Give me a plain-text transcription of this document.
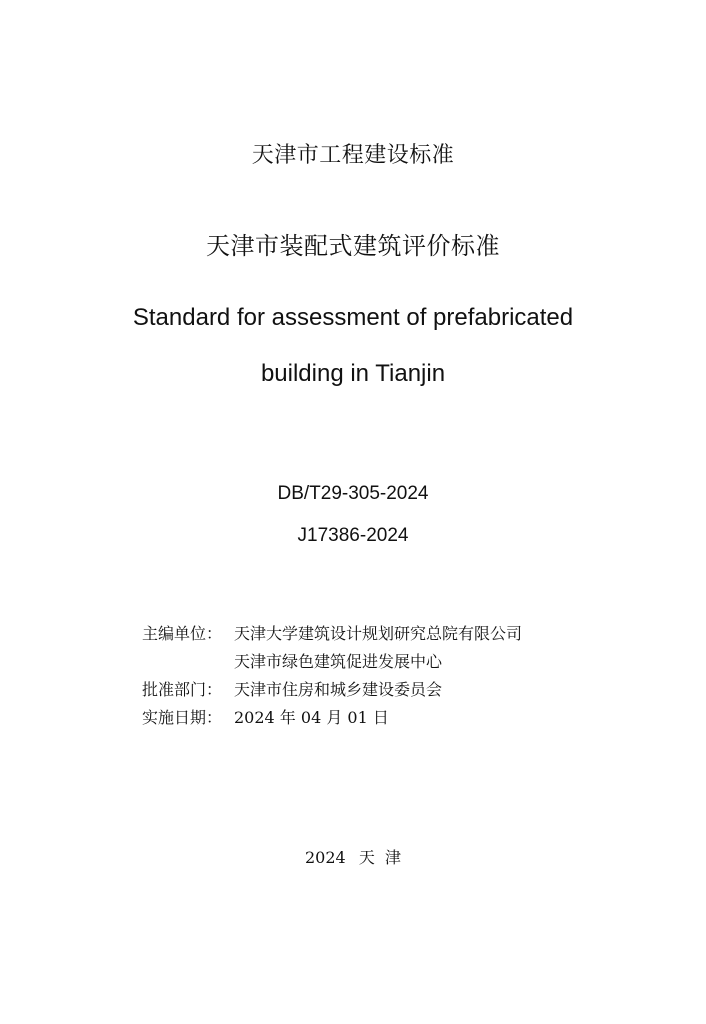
天津市工程建设标准
天津市装配式建筑评价标准
Standard for assessment of prefabricated
building in Tianjin
DB/T29-305-2024
J17386-2024
主编单位： 天津大学建筑设计规划研究总院有限公司
天津市绿色建筑促进发展中心
批准部门： 天津市住房和城乡建设委员会
实施日期： 2024 年 04 月 01 日
2024 天  津
